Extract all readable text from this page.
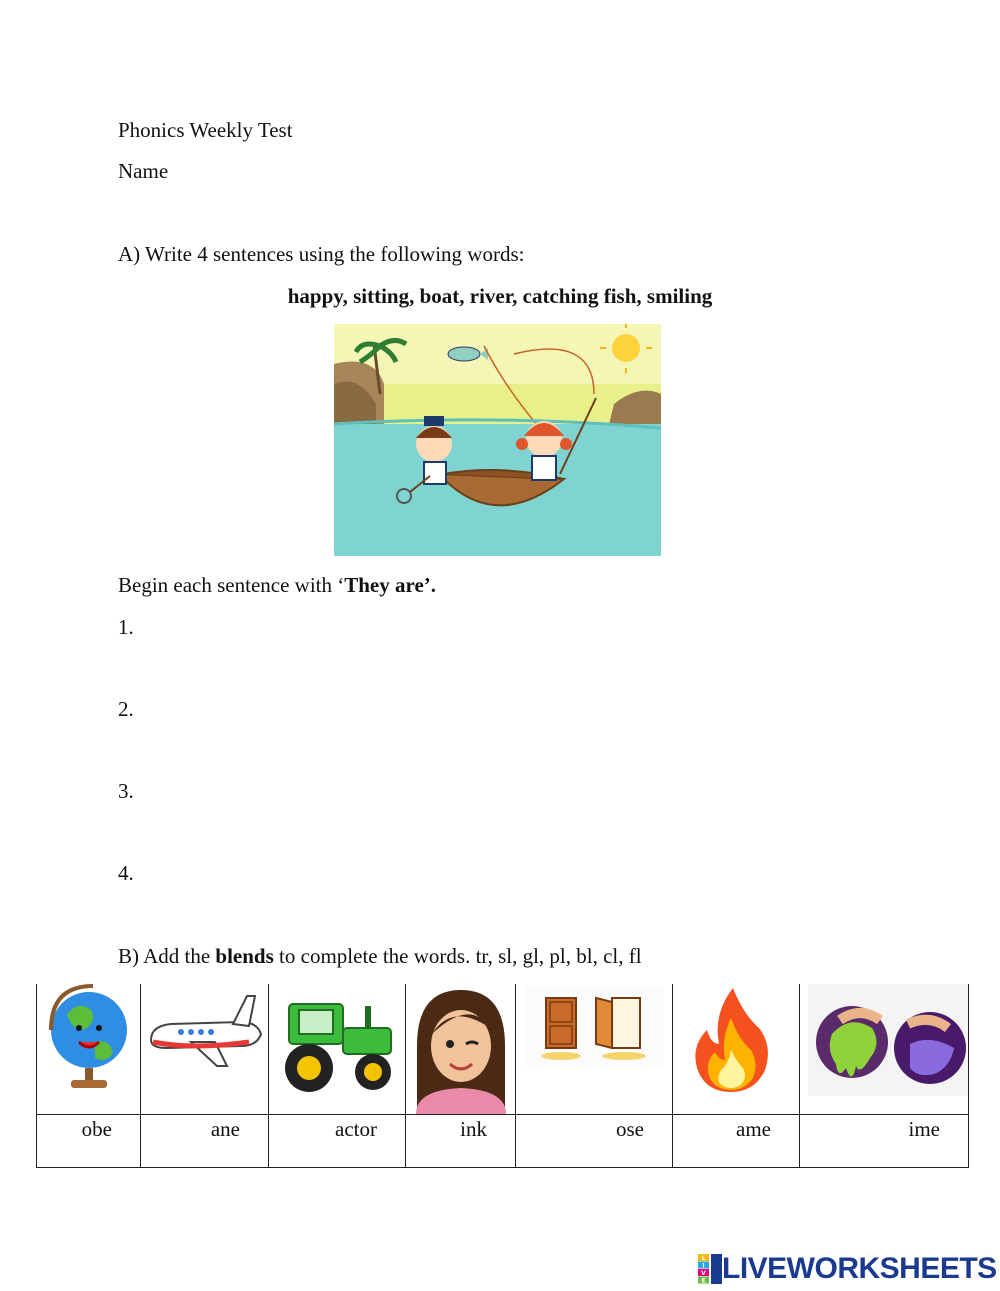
Phonics Weekly Test
Name
A) Write 4 sentences using the following words:
happy, sitting, boat, river, catching fish, smiling
Begin each sentence with ‘They are’.
1.
2.
3.
4.
B) Add the blends to complete the words. tr, sl, gl, pl, bl, cl, fl

obe	ane	actor	ink	ose	ame	ime
L
I
V
E LIVEWORKSHEETS
